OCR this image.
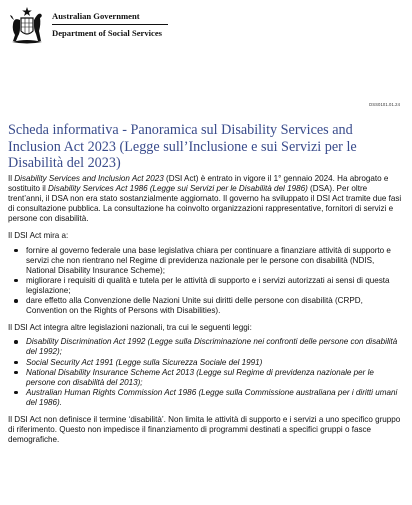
Australian Government
Department of Social Services
DSS0101.01.24
Scheda informativa - Panoramica sul Disability Services and Inclusion Act 2023 (Legge sull’Inclusione e sui Servizi per le Disabilità del 2023)

Il Disability Services and Inclusion Act 2023 (DSI Act) è entrato in vigore il 1° gennaio 2024. Ha abrogato e sostituito il Disability Services Act 1986 (Legge sui Servizi per le Disabilità del 1986) (DSA). Per oltre trent’anni, il DSA non era stato sostanzialmente aggiornato. Il governo ha sviluppato il DSI Act tramite due fasi di consultazione pubblica. La consultazione ha coinvolto organizzazioni rappresentative, fornitori di servizi e persone con disabilità.

Il DSI Act mira a:

fornire al governo federale una base legislativa chiara per continuare a finanziare attività di supporto e servizi che non rientrano nel Regime di previdenza nazionale per le persone con disabilità (NDIS, National Disability Insurance Scheme);
migliorare i requisiti di qualità e tutela per le attività di supporto e i servizi autorizzati ai sensi di questa legislazione;
dare effetto alla Convenzione delle Nazioni Unite sui diritti delle persone con disabilità (CRPD, Convention on the Rights of Persons with Disabilities).

Il DSI Act integra altre legislazioni nazionali, tra cui le seguenti leggi:

Disability Discrimination Act 1992 (Legge sulla Discriminazione nei confronti delle persone con disabilità del 1992);
Social Security Act 1991 (Legge sulla Sicurezza Sociale del 1991)
National Disability Insurance Scheme Act 2013 (Legge sul Regime di previdenza nazionale per le persone con disabilità del 2013);
Australian Human Rights Commission Act 1986 (Legge sulla Commissione australiana per i diritti umani del 1986).

Il DSI Act non definisce il termine ‘disabilità’. Non limita le attività di supporto e i servizi a uno specifico gruppo di riferimento. Questo non impedisce il finanziamento di programmi destinati a specifici gruppi o fasce demografiche.
